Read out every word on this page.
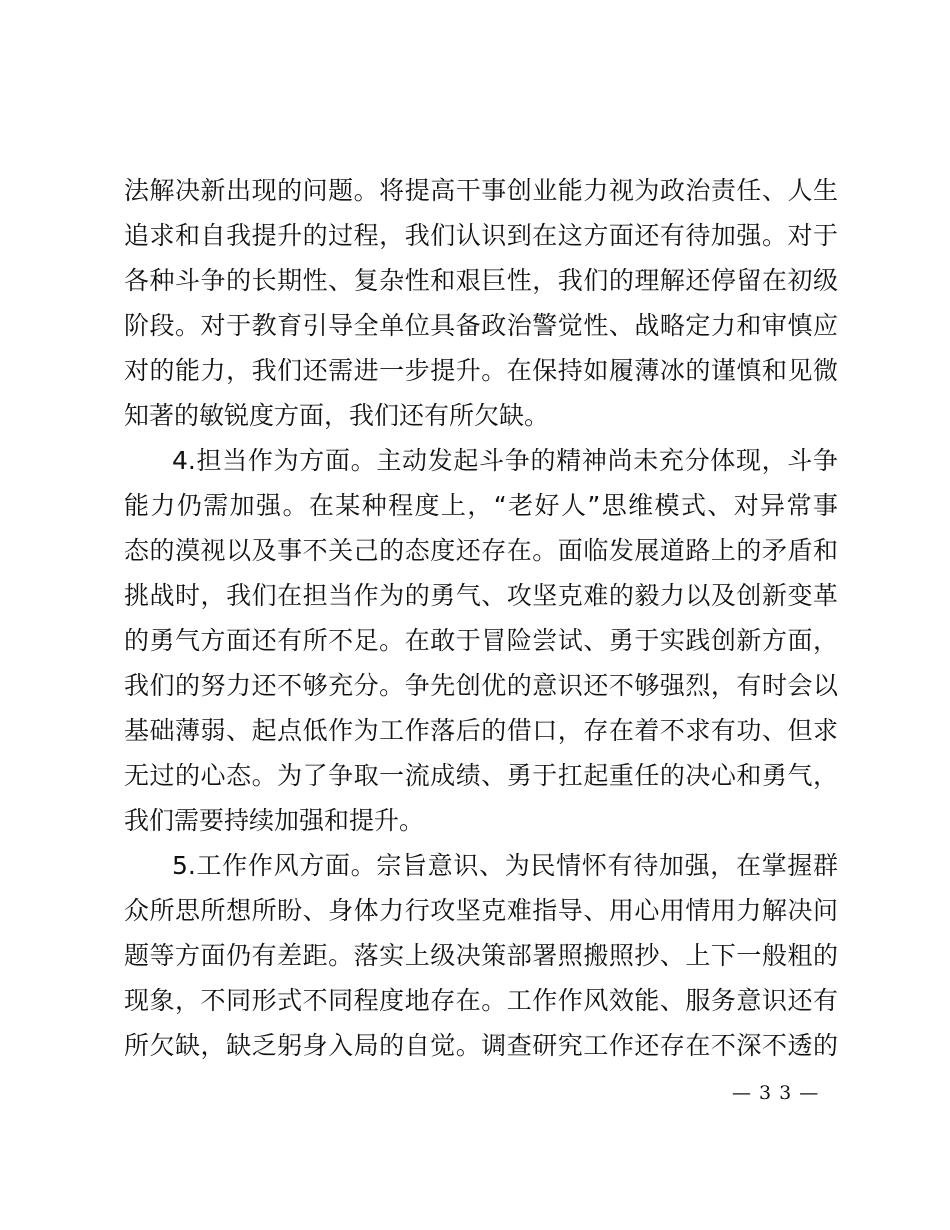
法解决新出现的问题。将提高干事创业能力视为政治责任、人生
追求和自我提升的过程，我们认识到在这方面还有待加强。对于
各种斗争的长期性、复杂性和艰巨性，我们的理解还停留在初级
阶段。对于教育引导全单位具备政治警觉性、战略定力和审慎应
对的能力，我们还需进一步提升。在保持如履薄冰的谨慎和见微
知著的敏锐度方面，我们还有所欠缺。
4.担当作为方面。主动发起斗争的精神尚未充分体现，斗争
能力仍需加强。在某种程度上，“老好人”思维模式、对异常事
态的漠视以及事不关己的态度还存在。面临发展道路上的矛盾和
挑战时，我们在担当作为的勇气、攻坚克难的毅力以及创新变革
的勇气方面还有所不足。在敢于冒险尝试、勇于实践创新方面，
我们的努力还不够充分。争先创优的意识还不够强烈，有时会以
基础薄弱、起点低作为工作落后的借口，存在着不求有功、但求
无过的心态。为了争取一流成绩、勇于扛起重任的决心和勇气，
我们需要持续加强和提升。
5.工作作风方面。宗旨意识、为民情怀有待加强，在掌握群
众所思所想所盼、身体力行攻坚克难指导、用心用情用力解决问
题等方面仍有差距。落实上级决策部署照搬照抄、上下一般粗的
现象，不同形式不同程度地存在。工作作风效能、服务意识还有
所欠缺，缺乏躬身入局的自觉。调查研究工作还存在不深不透的
— 3 3 —
